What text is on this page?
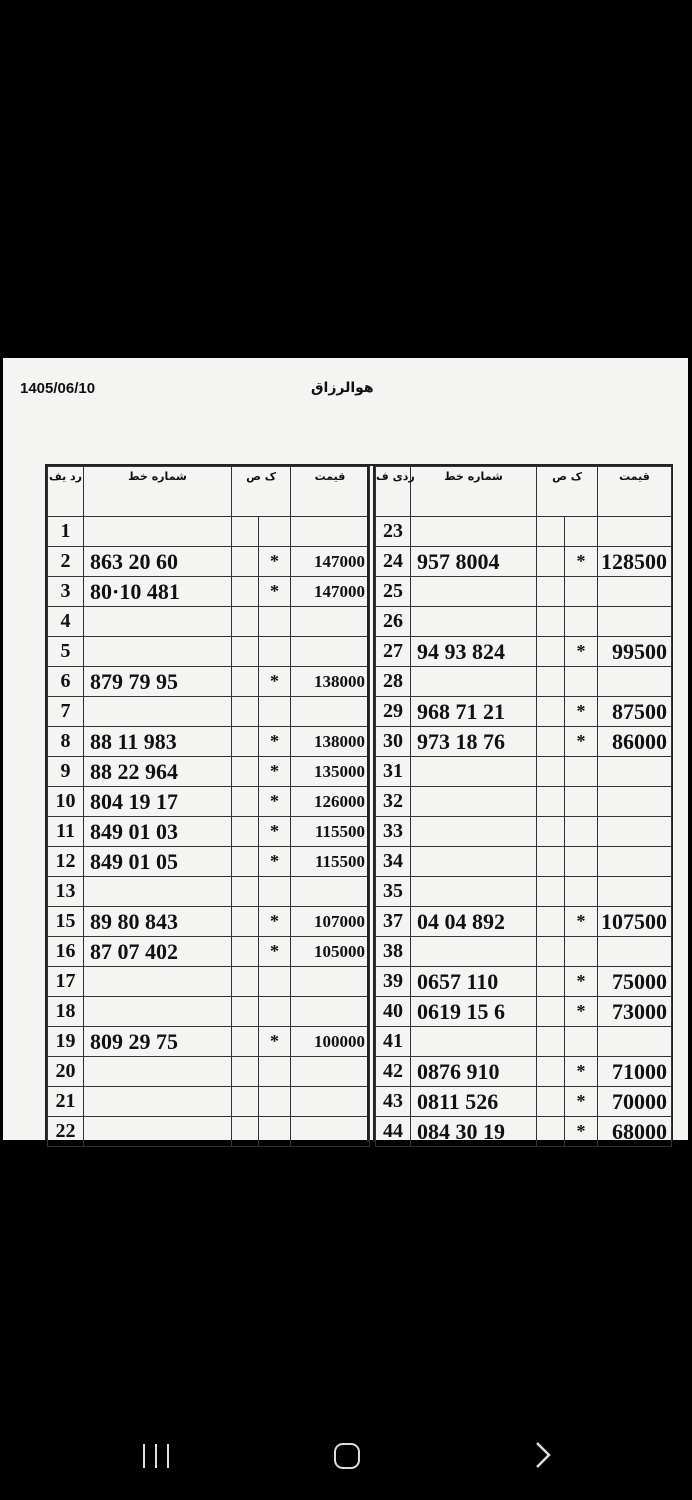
1405/06/10	هوالرزاق
رد يف	شماره خط	ک ص		قیمت
1				
2	863 20 60		*	147000
3	80·10 481		*	147000
4				
5				
6	879 79 95		*	138000
7				
8	88 11 983		*	138000
9	88 22 964		*	135000
10	804 19 17		*	126000
11	849 01 03		*	115500
12	849 01 05		*	115500
13				
15	89 80 843		*	107000
16	87 07 402		*	105000
17				
18				
19	809 29 75		*	100000
20				
21				
22				
ردی ف	شماره خط	ک ص		قیمت
23				
24	957 8004		*	128500
25				
26				
27	94 93 824		*	99500
28				
29	968 71 21		*	87500
30	973 18 76		*	86000
31				
32				
33				
34				
35				
37	04 04 892		*	107500
38				
39	0657 110		*	75000
40	0619 15 6		*	73000
41				
42	0876 910		*	71000
43	0811 526		*	70000
44	084 30 19		*	68000
